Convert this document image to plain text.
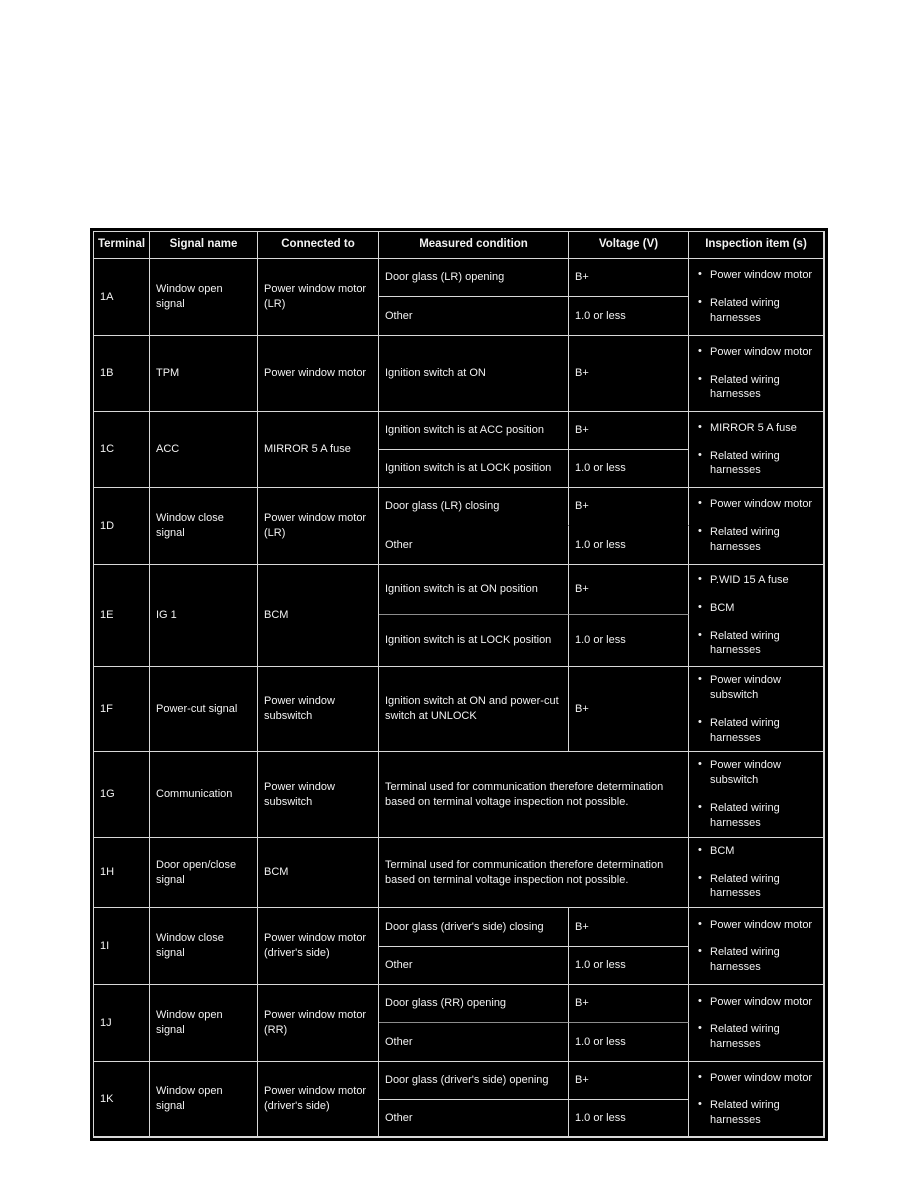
Terminal	Signal name	Connected to	Measured condition	Voltage (V)	Inspection item (s)
1A	Window open signal	Power window motor (LR)	Door glass (LR) opening	B+	• Power window motor
• Related wiring harnesses

			Other	1.0 or less	
1B	TPM	Power window motor	Ignition switch at ON	B+	• Power window motor
• Related wiring harnesses

1C	ACC	MIRROR 5 A fuse	Ignition switch is at ACC position	B+	• MIRROR 5 A fuse
• Related wiring harnesses

			Ignition switch is at LOCK position	1.0 or less	
1D	Window close signal	Power window motor (LR)	Door glass (LR) closing	B+	• Power window motor
• Related wiring harnesses

			Other	1.0 or less	
1E	IG 1	BCM	Ignition switch is at ON position	B+	• P.WID 15 A fuse
• BCM
• Related wiring harnesses

			Ignition switch is at LOCK position	1.0 or less	
1F	Power-cut signal	Power window subswitch	Ignition switch at ON and power-cut switch at UNLOCK	B+	• Power window subswitch
• Related wiring harnesses

1G	Communication	Power window subswitch	Terminal used for communication therefore determination based on terminal voltage inspection not possible.		• Power window subswitch
• Related wiring harnesses

1H	Door open/close signal	BCM	Terminal used for communication therefore determination based on terminal voltage inspection not possible.		• BCM
• Related wiring harnesses

1I	Window close signal	Power window motor (driver's side)	Door glass (driver's side) closing	B+	• Power window motor
• Related wiring harnesses

			Other	1.0 or less	
1J	Window open signal	Power window motor (RR)	Door glass (RR) opening	B+	• Power window motor
• Related wiring harnesses

			Other	1.0 or less	
1K	Window open signal	Power window motor (driver's side)	Door glass (driver's side) opening	B+	• Power window motor
• Related wiring harnesses

			Other	1.0 or less	
